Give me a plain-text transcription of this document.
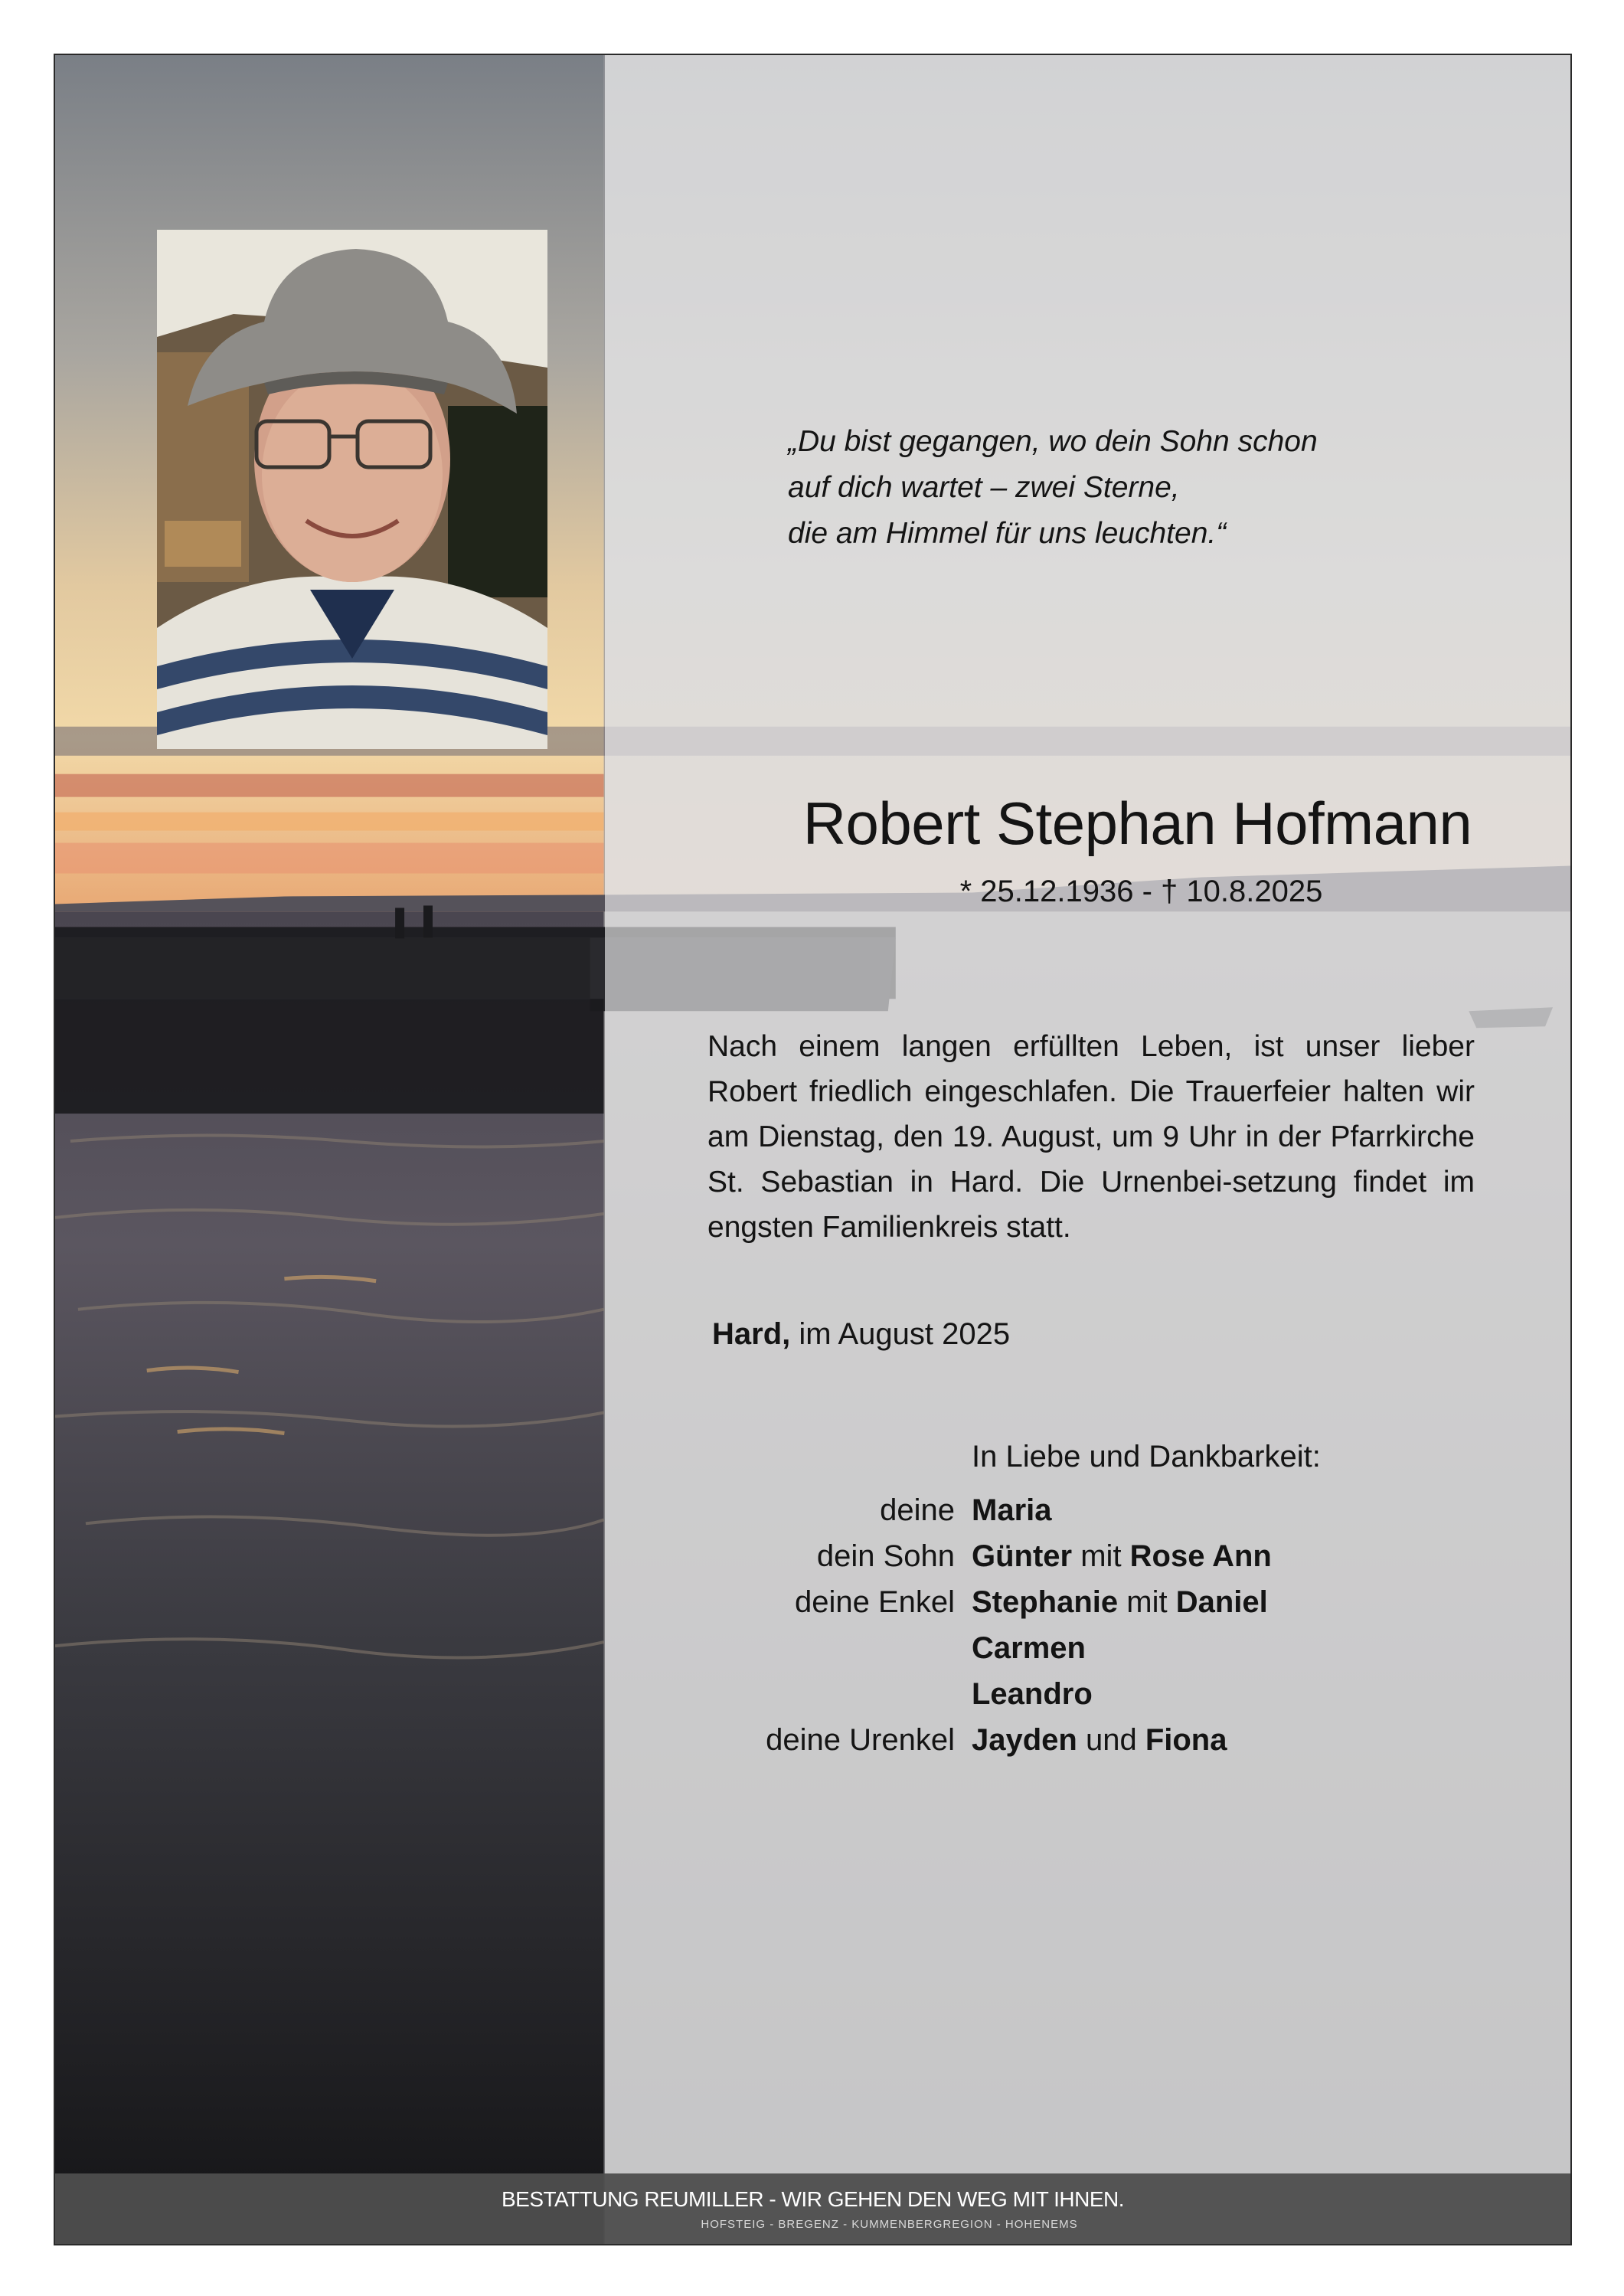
„Du bist gegangen, wo dein Sohn schon
auf dich wartet – zwei Sterne,
die am Himmel für uns leuchten.“
Robert Stephan Hofmann
* 25.12.1936 - † 10.8.2025
Nach einem langen erfüllten Leben, ist unser lieber Robert friedlich eingeschlafen. Die Trauerfeier halten wir am Dienstag, den 19. August, um 9 Uhr in der Pfarrkirche St. Sebastian in Hard. Die Urnenbei-setzung findet im engsten Familienkreis statt.
Hard, im August 2025
In Liebe und Dankbarkeit:
deine Maria
dein Sohn Günter mit Rose Ann
deine Enkel Stephanie mit Daniel
Carmen
Leandro
deine Urenkel Jayden und Fiona
BESTATTUNG REUMILLER - WIR GEHEN DEN WEG MIT IHNEN.
HOFSTEIG - BREGENZ - KUMMENBERGREGION - HOHENEMS
